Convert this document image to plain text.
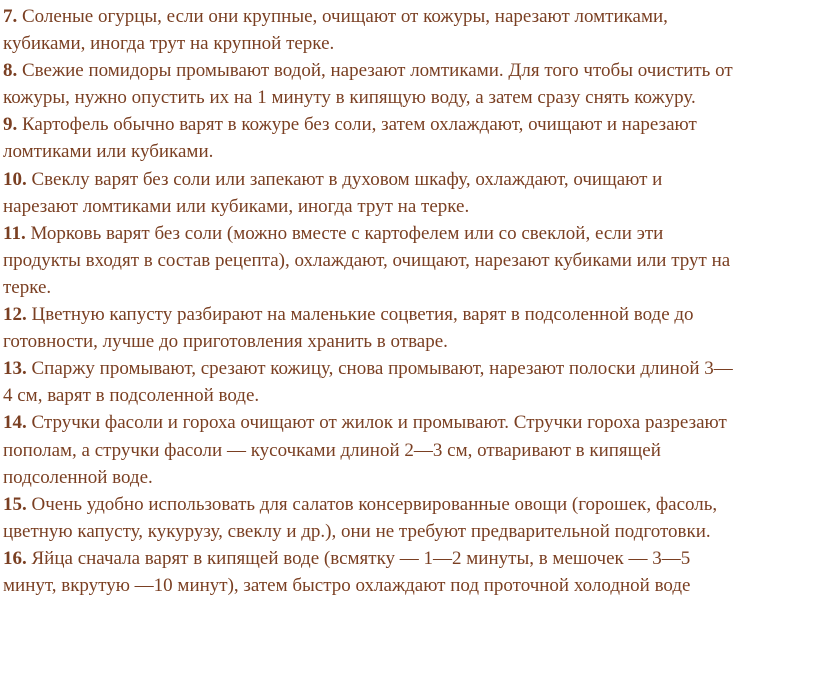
7. Соленые огурцы, если они крупные, очищают от кожуры, нарезают ломтиками,
кубиками, иногда трут на крупной терке.
8. Свежие помидоры промывают водой, нарезают ломтиками. Для того чтобы очистить от
кожуры, нужно опустить их на 1 минуту в кипящую воду, а затем сразу снять кожуру.
9. Картофель обычно варят в кожуре без соли, затем охлаждают, очищают и нарезают
ломтиками или кубиками.
10. Свеклу варят без соли или запекают в духовом шкафу, охлаждают, очищают и
нарезают ломтиками или кубиками, иногда трут на терке.
11. Морковь варят без соли (можно вместе с картофелем или со свеклой, если эти
продукты входят в состав рецепта), охлаждают, очищают, нарезают кубиками или трут на
терке.
12. Цветную капусту разбирают на маленькие соцветия, варят в подсоленной воде до
готовности, лучше до приготовления хранить в отваре.
13. Спаржу промывают, срезают кожицу, снова промывают, нарезают полоски длиной 3—
4 см, варят в подсоленной воде.
14. Стручки фасоли и гороха очищают от жилок и промывают. Стручки гороха разрезают
пополам, а стручки фасоли — кусочками длиной 2—3 см, отваривают в кипящей
подсоленной воде.
15. Очень удобно использовать для салатов консервированные овощи (горошек, фасоль,
цветную капусту, кукурузу, свеклу и др.), они не требуют предварительной подготовки.
16. Яйца сначала варят в кипящей воде (всмятку — 1—2 минуты, в мешочек — 3—5
минут, вкрутую —10 минут), затем быстро охлаждают под проточной холодной воде
